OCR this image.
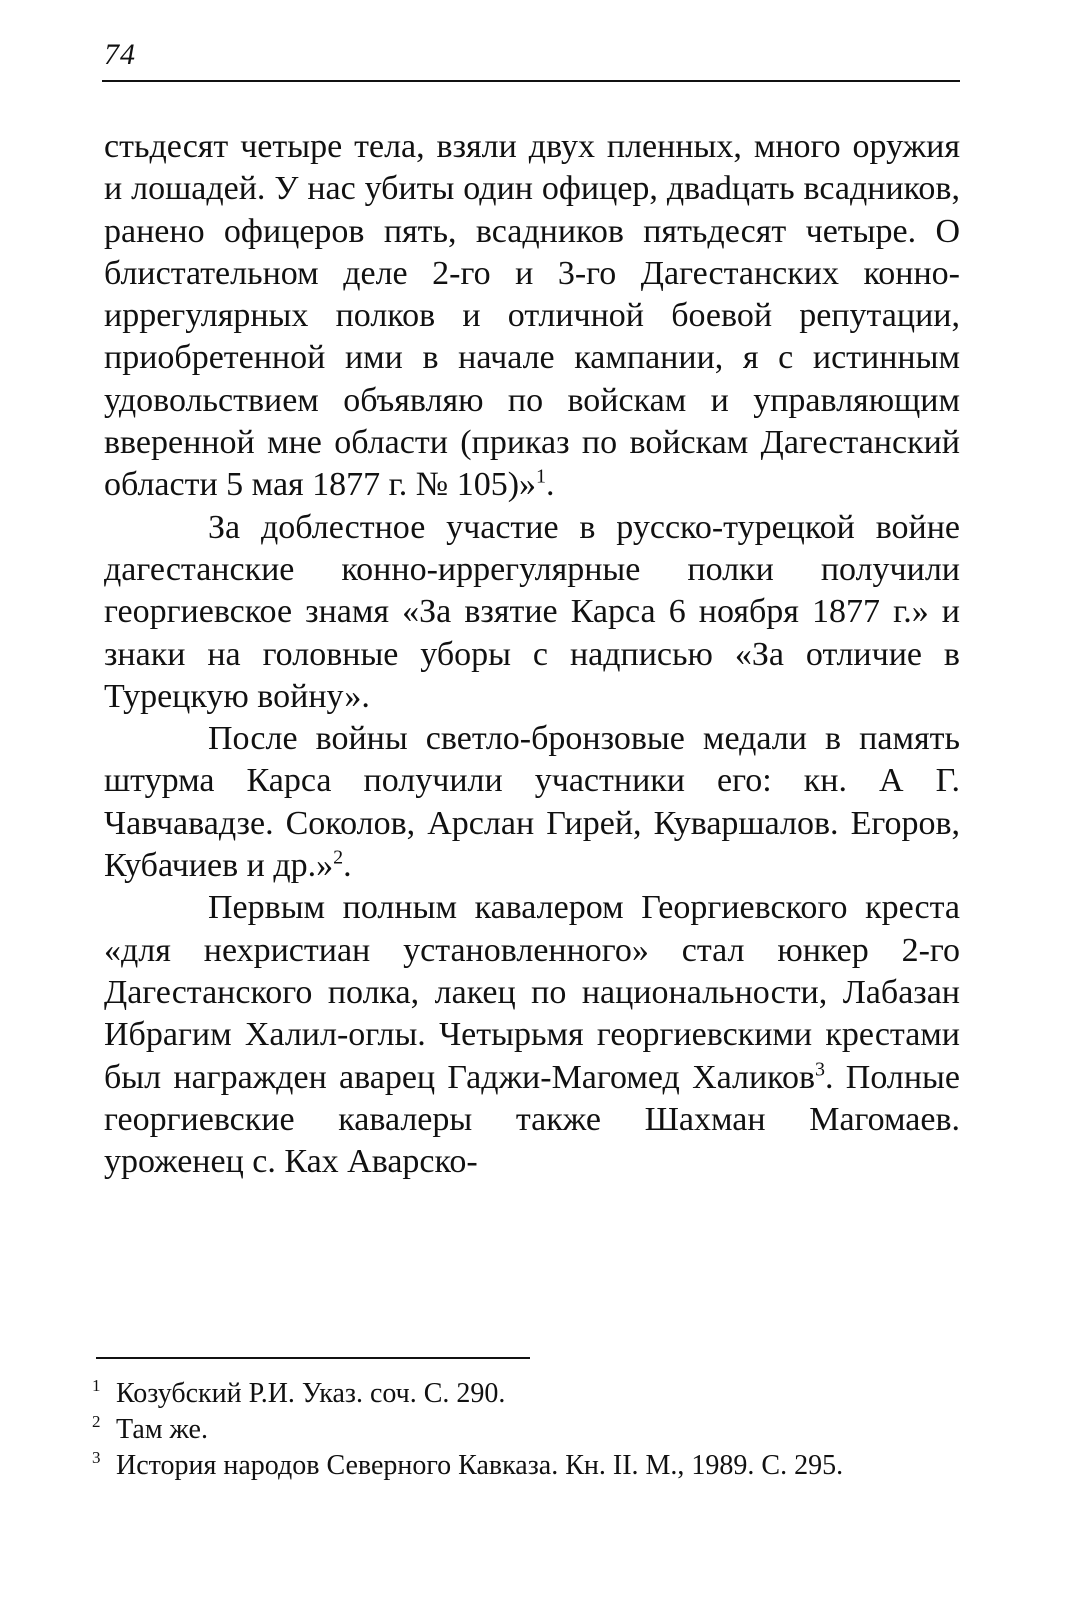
74

стьдесят четыре тела, взяли двух пленных, много оружия и лошадей. У нас убиты один офицер, дваdцать всадников, ранено офицеров пять, всадников пятьдесят четыре. О блистательном деле 2-го и 3-го Дагестанских конно-иррегулярных полков и отличной боевой репутации, приобретенной ими в начале кампании, я с истинным удовольствием объявляю по войскам и управляющим вверенной мне области (приказ по войскам Дагестанский области 5 мая 1877 г. № 105)»$^1$.

За доблестное участие в русско-турецкой войне дагестанские конно-иррегулярные полки получили георгиевское знамя «За взятие Карса 6 ноября 1877 г.» и знаки на головные уборы с надписью «За отличие в Турецкую войну».

После войны светло-бронзовые медали в память штурма Карса получили участники его: кн. А Г. Чавчавадзе. Соколов, Арслан Гирей, Куваршалов. Егоров, Кубачиев и др.»$^2$.

Первым полным кавалером Георгиевского креста «для нехристиан установленного» стал юнкер 2-го Дагестанского полка, лакец по национальности, Лабазан Ибрагим Халил-оглы. Четырьмя георгиевскими крестами был награжден аварец Гаджи-Магомед Халиков$^3$. Полные георгиевские кавалеры также Шахман Магомаев. уроженец с. Ках Аварско-

1 Козубский Р.И. Указ. соч. С. 290.

2 Там же.

3 История народов Северного Кавказа. Кн. II. М., 1989. С. 295.
